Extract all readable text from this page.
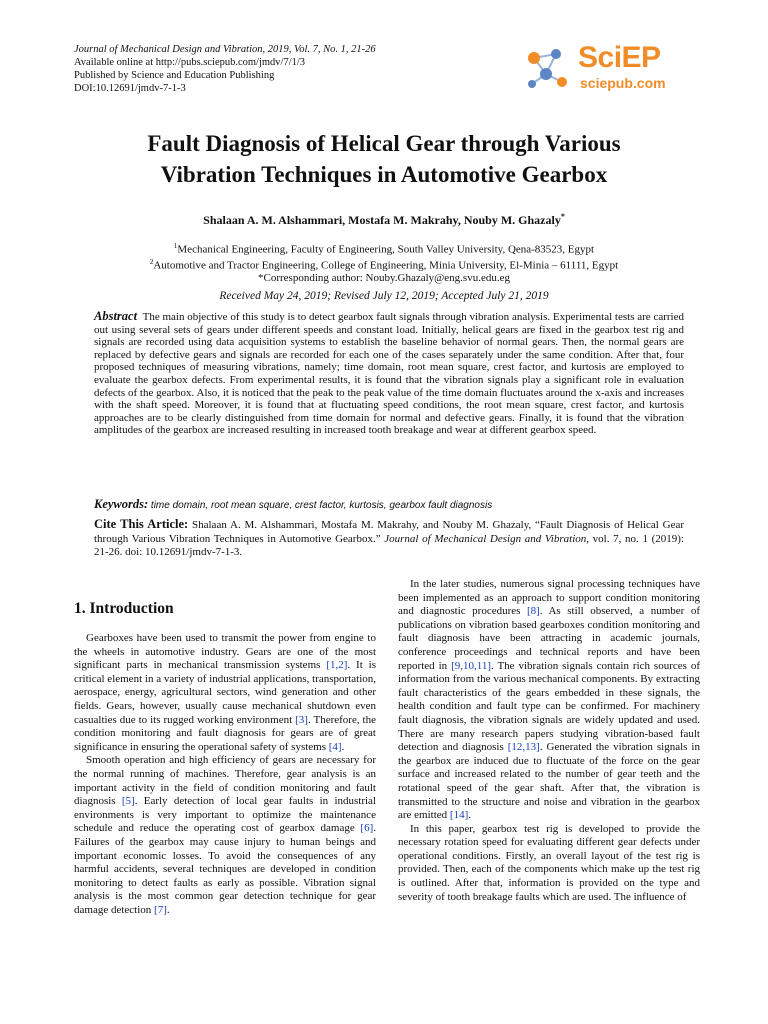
Journal of Mechanical Design and Vibration, 2019, Vol. 7, No. 1, 21-26
Available online at http://pubs.sciepub.com/jmdv/7/1/3
Published by Science and Education Publishing
DOI:10.12691/jmdv-7-1-3
SciEP
sciepub.com
Fault Diagnosis of Helical Gear through Various
Vibration Techniques in Automotive Gearbox
Shalaan A. M. Alshammari, Mostafa M. Makrahy, Nouby M. Ghazaly*
$^1$Mechanical Engineering, Faculty of Engineering, South Valley University, Qena-83523, Egypt
$^2$Automotive and Tractor Engineering, College of Engineering, Minia University, El-Minia – 61111, Egypt
*Corresponding author: Nouby.Ghazaly@eng.svu.edu.eg
Received May 24, 2019; Revised July 12, 2019; Accepted July 21, 2019
Abstract The main objective of this study is to detect gearbox fault signals through vibration analysis. Experimental tests are carried out using several sets of gears under different speeds and constant load. Initially, helical gears are fixed in the gearbox test rig and signals are recorded using data acquisition systems to establish the baseline behavior of normal gears. Then, the normal gears are replaced by defective gears and signals are recorded for each one of the cases separately under the same condition. After that, four proposed techniques of measuring vibrations, namely; time domain, root mean square, crest factor, and kurtosis are employed to evaluate the gearbox defects. From experimental results, it is found that the vibration signals play a significant role in evaluation defects of the gearbox. Also, it is noticed that the peak to the peak value of the time domain fluctuates around the x-axis and increases with the shaft speed. Moreover, it is found that at fluctuating speed conditions, the root mean square, crest factor, and kurtosis approaches are to be clearly distinguished from time domain for normal and defective gears. Finally, it is found that the vibration amplitudes of the gearbox are increased resulting in increased tooth breakage and wear at different gearbox speed.
Keywords: time domain, root mean square, crest factor, kurtosis, gearbox fault diagnosis
Cite This Article: Shalaan A. M. Alshammari, Mostafa M. Makrahy, and Nouby M. Ghazaly, “Fault Diagnosis of Helical Gear through Various Vibration Techniques in Automotive Gearbox.” Journal of Mechanical Design and Vibration, vol. 7, no. 1 (2019): 21-26. doi: 10.12691/jmdv-7-1-3.
1. Introduction

Gearboxes have been used to transmit the power from engine to the wheels in automotive industry. Gears are one of the most significant parts in mechanical transmission systems [1,2]. It is critical element in a variety of industrial applications, transportation, aerospace, energy, agricultural sectors, wind generation and other fields. Gears, however, usually cause mechanical shutdown even casualties due to its rugged working environment [3]. Therefore, the condition monitoring and fault diagnosis for gears are of great significance in ensuring the operational safety of systems [4].

Smooth operation and high efficiency of gears are necessary for the normal running of machines. Therefore, gear analysis is an important activity in the field of condition monitoring and fault diagnosis [5]. Early detection of local gear faults in industrial environments is very important to optimize the maintenance schedule and reduce the operating cost of gearbox damage [6]. Failures of the gearbox may cause injury to human beings and important economic losses. To avoid the consequences of any harmful accidents, several techniques are developed in condition monitoring to detect faults as early as possible. Vibration signal analysis is the most common gear detection technique for gear damage detection [7].

In the later studies, numerous signal processing techniques have been implemented as an approach to support condition monitoring and diagnostic procedures [8]. As still observed, a number of publications on vibration based gearboxes condition monitoring and fault diagnosis have been attracting in academic journals, conference proceedings and technical reports and have been reported in [9,10,11]. The vibration signals contain rich sources of information from the various mechanical components. By extracting fault characteristics of the gears embedded in these signals, the health condition and fault type can be confirmed. For machinery fault diagnosis, the vibration signals are widely updated and used. There are many research papers studying vibration-based fault detection and diagnosis [12,13]. Generated the vibration signals in the gearbox are induced due to fluctuate of the force on the gear surface and increased related to the number of gear teeth and the rotational speed of the gear shaft. After that, the vibration is transmitted to the structure and noise and vibration in the gearbox are emitted [14].

In this paper, gearbox test rig is developed to provide the necessary rotation speed for evaluating different gear defects under operational conditions. Firstly, an overall layout of the test rig is provided. Then, each of the components which make up the test rig is outlined. After that, information is provided on the type and severity of tooth breakage faults which are used. The influence of
